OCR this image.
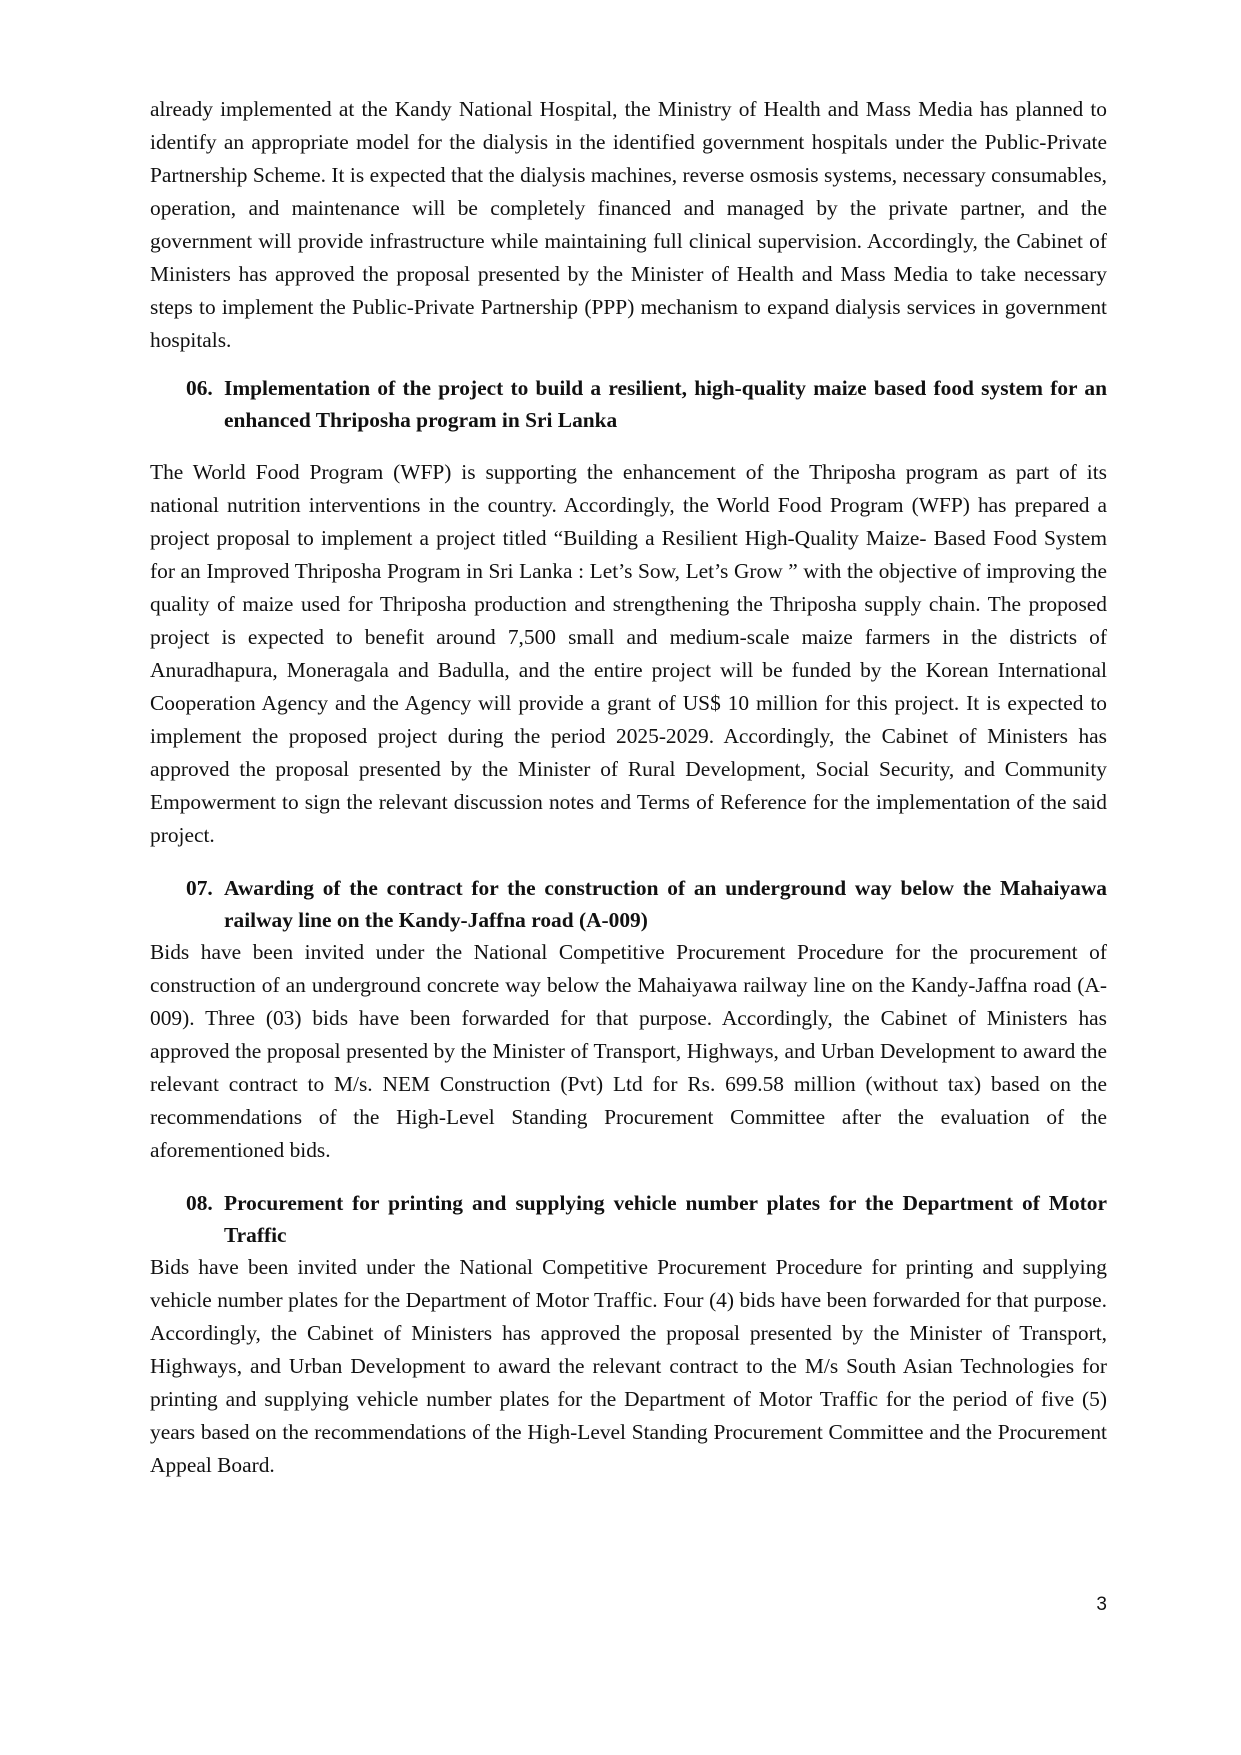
already implemented at the Kandy National Hospital, the Ministry of Health and Mass Media has planned to identify an appropriate model for the dialysis in the identified government hospitals under the Public-Private Partnership Scheme. It is expected that the dialysis machines, reverse osmosis systems, necessary consumables, operation, and maintenance will be completely financed and managed by the private partner, and the government will provide infrastructure while maintaining full clinical supervision. Accordingly, the Cabinet of Ministers has approved the proposal presented by the Minister of Health and Mass Media to take necessary steps to implement the Public-Private Partnership (PPP) mechanism to expand dialysis services in government hospitals.

06. Implementation of the project to build a resilient, high-quality maize based food system for an enhanced Thriposha program in Sri Lanka

The World Food Program (WFP) is supporting the enhancement of the Thriposha program as part of its national nutrition interventions in the country. Accordingly, the World Food Program (WFP) has prepared a project proposal to implement a project titled “Building a Resilient High-Quality Maize- Based Food System for an Improved Thriposha Program in Sri Lanka : Let’s Sow, Let’s Grow ” with the objective of improving the quality of maize used for Thriposha production and strengthening the Thriposha supply chain. The proposed project is expected to benefit around 7,500 small and medium-scale maize farmers in the districts of Anuradhapura, Moneragala and Badulla, and the entire project will be funded by the Korean International Cooperation Agency and the Agency will provide a grant of US$ 10 million for this project. It is expected to implement the proposed project during the period 2025-2029. Accordingly, the Cabinet of Ministers has approved the proposal presented by the Minister of Rural Development, Social Security, and Community Empowerment to sign the relevant discussion notes and Terms of Reference for the implementation of the said project.

07. Awarding of the contract for the construction of an underground way below the Mahaiyawa railway line on the Kandy-Jaffna road (A-009)

Bids have been invited under the National Competitive Procurement Procedure for the procurement of construction of an underground concrete way below the Mahaiyawa railway line on the Kandy-Jaffna road (A-009). Three (03) bids have been forwarded for that purpose. Accordingly, the Cabinet of Ministers has approved the proposal presented by the Minister of Transport, Highways, and Urban Development to award the relevant contract to M/s. NEM Construction (Pvt) Ltd for Rs. 699.58 million (without tax) based on the recommendations of the High-Level Standing Procurement Committee after the evaluation of the aforementioned bids.

08. Procurement for printing and supplying vehicle number plates for the Department of Motor Traffic

Bids have been invited under the National Competitive Procurement Procedure for printing and supplying vehicle number plates for the Department of Motor Traffic. Four (4) bids have been forwarded for that purpose. Accordingly, the Cabinet of Ministers has approved the proposal presented by the Minister of Transport, Highways, and Urban Development to award the relevant contract to the M/s South Asian Technologies for printing and supplying vehicle number plates for the Department of Motor Traffic for the period of five (5) years based on the recommendations of the High-Level Standing Procurement Committee and the Procurement Appeal Board.

3
